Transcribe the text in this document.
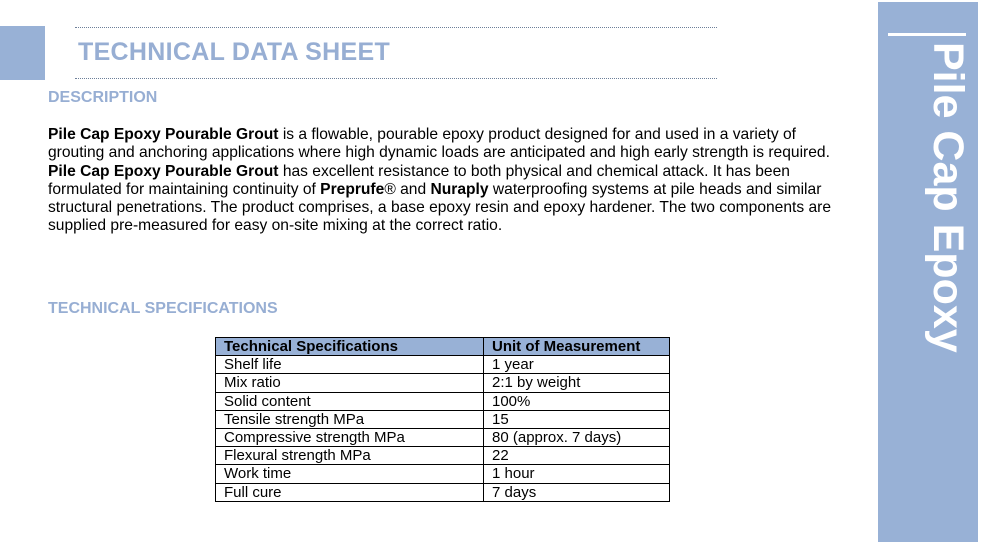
TECHNICAL DATA SHEET
DESCRIPTION
Pile Cap Epoxy Pourable Grout is a flowable, pourable epoxy product designed for and used in a variety of grouting and anchoring applications where high dynamic loads are anticipated and high early strength is required. Pile Cap Epoxy Pourable Grout has excellent resistance to both physical and chemical attack. It has been formulated for maintaining continuity of Preprufe® and Nuraply waterproofing systems at pile heads and similar structural penetrations. The product comprises, a base epoxy resin and epoxy hardener. The two components are supplied pre-measured for easy on-site mixing at the correct ratio.
TECHNICAL SPECIFICATIONS
Technical Specifications	Unit of Measurement
Shelf life	1 year
Mix ratio	2:1 by weight
Solid content	100%
Tensile strength MPa	15
Compressive strength MPa	80 (approx. 7 days)
Flexural strength MPa	22
Work time	1 hour
Full cure	7 days
Pile Cap Epoxy
